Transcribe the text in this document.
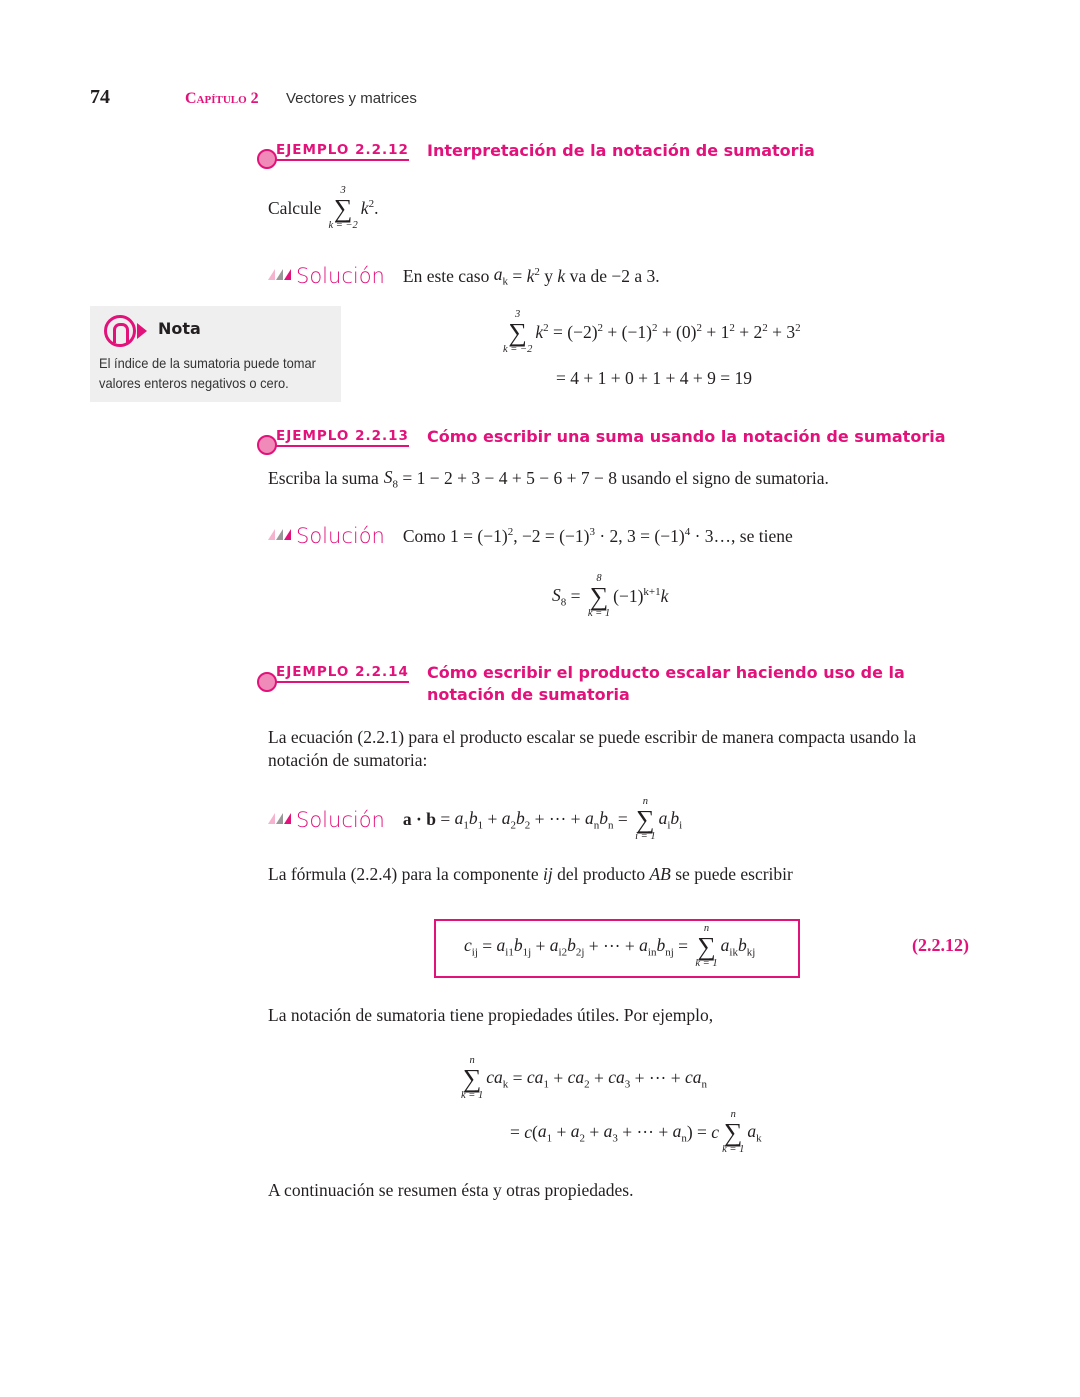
74	Capítulo 2 Vectores y matrices
EJEMPLO 2.2.12 Interpretación de la notación de sumatoria
Calcule
3
∑
k = −2
$k^2$ .
Solución En este caso $a_k = k^2$ y k va de −2 a 3.
Nota
El índice de la sumatoria puede tomar
valores enteros negativos o cero.
3
∑
k = −2
$k^2 = (-2) ^2 + (-1) ^2 + (0) ^2 + 1$ $^2$ + 2 $^2$ + 3 $^2$
= 4 + 1 + 0 + 1 + 4 + 9 = 19
EJEMPLO 2.2.13 Cómo escribir una suma usando la notación de sumatoria
Escriba la suma $S_8 = 1 - 2 + 3 - 4 + 5 - 6 + 7 - 8$ usando el signo de sumatoria.
Solución Como 1 = (−1) $^2$ , −2 = (−1) $^3$ · 2, 3 = (−1) $^4$ · 3…, se tiene
$S_8$ =
8
∑
k = 1
(−1) $^{k+1}$ k
EJEMPLO 2.2.14 Cómo escribir el producto escalar haciendo uso de la notación de sumatoria
La ecuación (2.2.1) para el producto escalar se puede escribir de manera compacta usando la
notación de sumatoria:
Solución $a \cdot b = a_1$ $b_1 + a_2$ $b_2$ + ··· + $a_n$ $b_n$ =
n
∑
i = 1
$a_i$ $b_i$
La fórmula (2.2.4) para la componente ij del producto AB se puede escribir
$c_{ij} = a_{i1}$ $b_{1j} + a_{i2}$ $b_{2j}$ + ··· + $a_{in}$ $b_{nj}$ =
n
∑
k = 1
$a_{ik}$ $b_{kj}$	(2.2.12)
La notación de sumatoria tiene propiedades útiles. Por ejemplo,
n
∑
k = 1
$ca_k = ca_1 + ca_2 + ca_3$ + ··· + $ca_n$
= c ( $a_1 + a_2 + a_3$ + ··· + $a_n$ ) = c
n
∑
k = 1
$a_k$
A continuación se resumen ésta y otras propiedades.
